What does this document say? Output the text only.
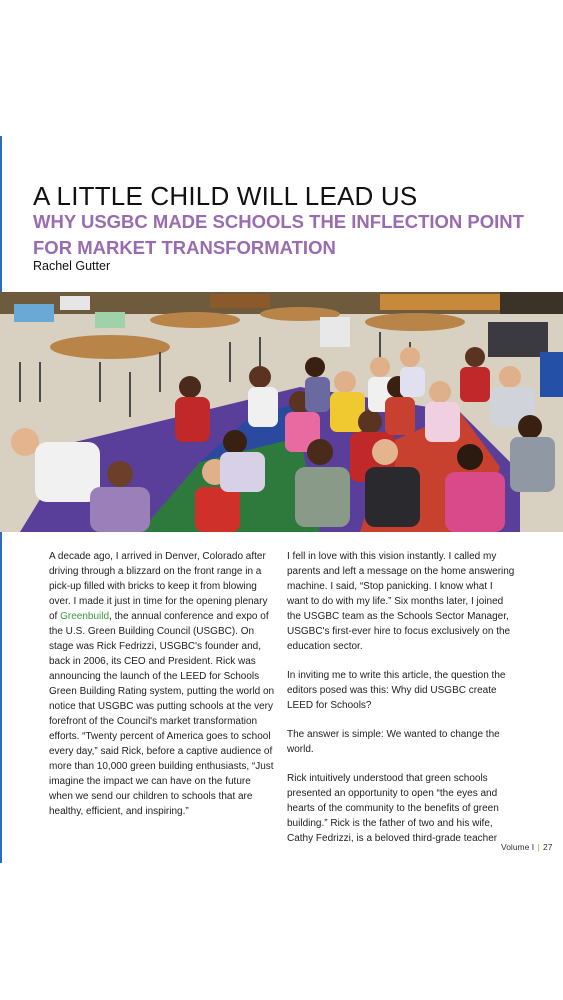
A LITTLE CHILD WILL LEAD US
WHY USGBC MADE SCHOOLS THE INFLECTION POINT
FOR MARKET TRANSFORMATION
Rachel Gutter

A decade ago, I arrived in Denver, Colorado after driving through a blizzard on the front range in a pick-up filled with bricks to keep it from blowing over. I made it just in time for the opening plenary of Greenbuild, the annual conference and expo of the U.S. Green Building Council (USGBC). On stage was Rick Fedrizzi, USGBC's founder and, back in 2006, its CEO and President. Rick was announcing the launch of the LEED for Schools Green Building Rating system, putting the world on notice that USGBC was putting schools at the very forefront of the Council's market transformation efforts. “Twenty percent of America goes to school every day,” said Rick, before a captive audience of more than 10,000 green building enthusiasts, “Just imagine the impact we can have on the future when we send our children to schools that are healthy, efficient, and inspiring.”

I fell in love with this vision instantly. I called my parents and left a message on the home answering machine. I said, “Stop panicking. I know what I want to do with my life.” Six months later, I joined the USGBC team as the Schools Sector Manager, USGBC's first-ever hire to focus exclusively on the education sector.

In inviting me to write this article, the question the editors posed was this: Why did USGBC create LEED for Schools?

The answer is simple: We wanted to change the world.

Rick intuitively understood that green schools presented an opportunity to open “the eyes and hearts of the community to the benefits of green building.” Rick is the father of two and his wife, Cathy Fedrizzi, is a beloved third-grade teacher

Volume I | 27
